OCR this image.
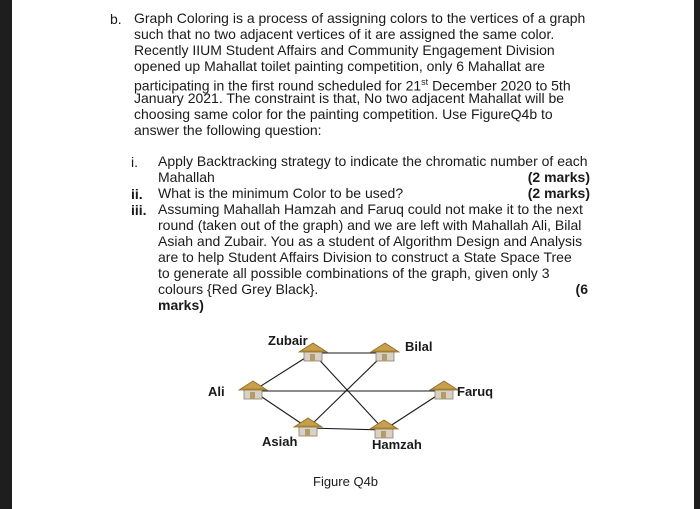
b. Graph Coloring is a process of assigning colors to the vertices of a graph
such that no two adjacent vertices of it are assigned the same color.
Recently IIUM Student Affairs and Community Engagement Division
opened up Mahallat toilet painting competition, only 6 Mahallat are
participating in the first round scheduled for 21st December 2020 to 5th
January 2021. The constraint is that, No two adjacent Mahallat will be
choosing same color for the painting competition. Use FigureQ4b to
answer the following question:
i.	Apply Backtracking strategy to indicate the chromatic number of each
Mahallah	(2 marks)
ii.	What is the minimum Color to be used?	(2 marks)
iii. Assuming Mahallah Hamzah and Faruq could not make it to the next
round (taken out of the graph) and we are left with Mahallah Ali, Bilal
Asiah and Zubair. You as a student of Algorithm Design and Analysis
are to help Student Affairs Division to construct a State Space Tree
to generate all possible combinations of the graph, given only 3
colours {Red Grey Black}.	(6
marks)
Zubair	Bilal
Ali	Faruq
Asiah	Hamzah
Figure Q4b
